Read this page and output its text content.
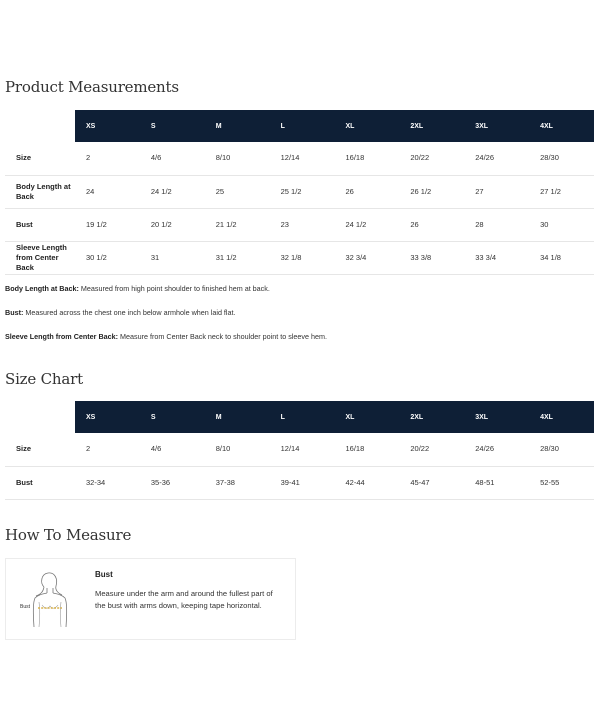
Product Measurements
	XS	S	M	L	XL	2XL	3XL	4XL
Size	2	4/6	8/10	12/14	16/18	20/22	24/26	28/30
Body Length at Back	24	24 1/2	25	25 1/2	26	26 1/2	27	27 1/2
Bust	19 1/2	20 1/2	21 1/2	23	24 1/2	26	28	30
Sleeve Length from Center Back	30 1/2	31	31 1/2	32 1/8	32 3/4	33 3/8	33 3/4	34 1/8

Body Length at Back: Measured from high point shoulder to finished hem at back.

Bust: Measured across the chest one inch below armhole when laid flat.

Sleeve Length from Center Back: Measure from Center Back neck to shoulder point to sleeve hem.

Size Chart
	XS	S	M	L	XL	2XL	3XL	4XL
Size	2	4/6	8/10	12/14	16/18	20/22	24/26	28/30
Bust	32-34	35-36	37-38	39-41	42-44	45-47	48-51	52-55
How To Measure
Bust
Bust
Measure under the arm and around the fullest part of the bust with arms down, keeping tape horizontal.
